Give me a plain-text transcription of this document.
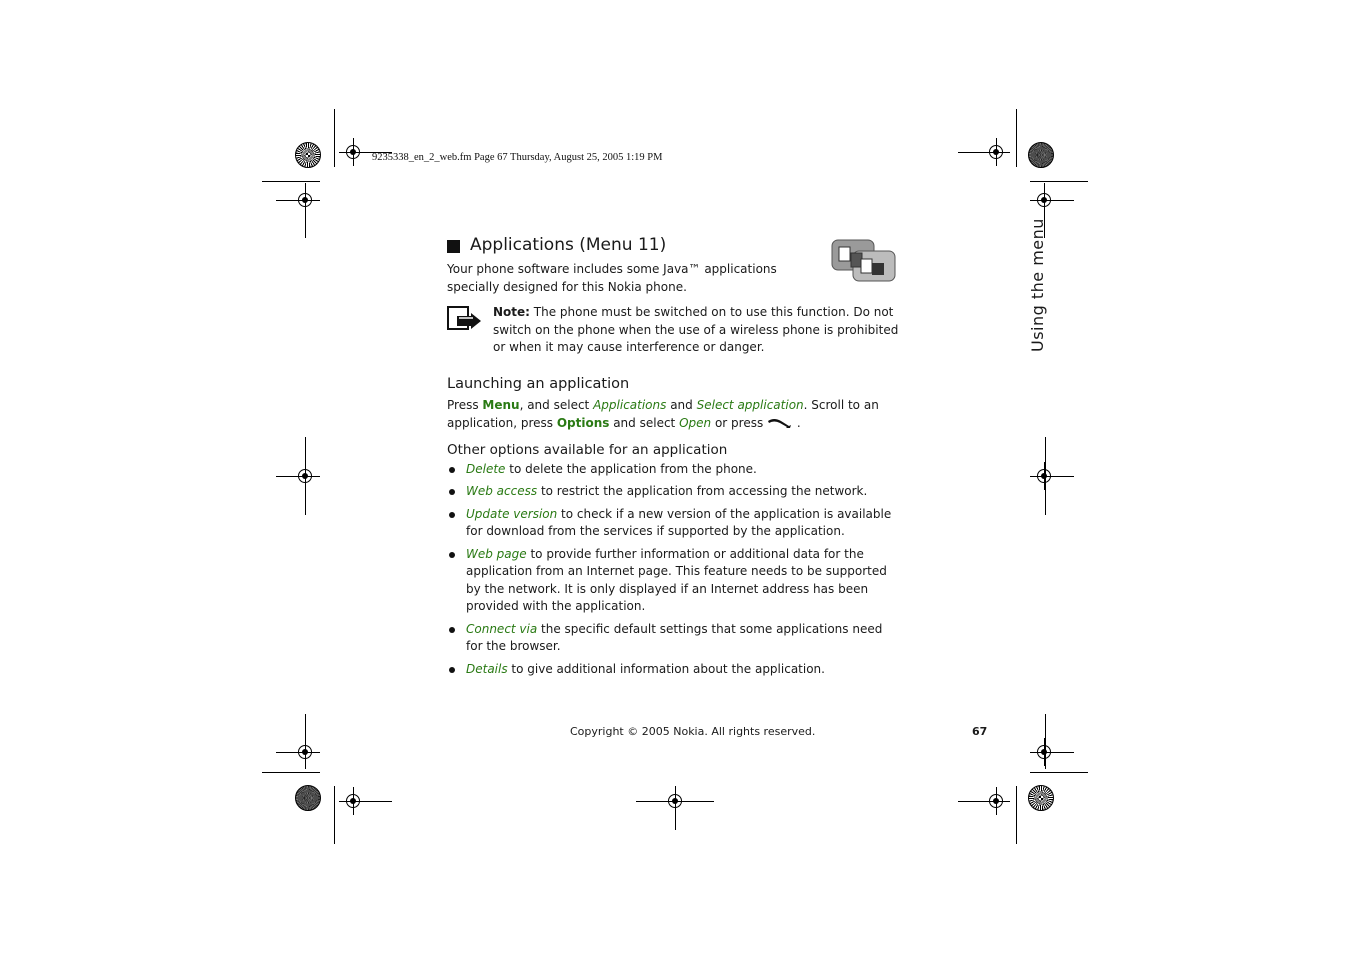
9235338_en_2_web.fm Page 67 Thursday, August 25, 2005 1:19 PM
Applications (Menu 11)
Your phone software includes some Java™ applications specially designed for this Nokia phone.
Note: The phone must be switched on to use this function. Do not switch on the phone when the use of a wireless phone is prohibited or when it may cause interference or danger.
Launching an application
Press Menu, and select Applications and Select application. Scroll to an application, press Options and select Open or press  .
Other options available for an application
Delete to delete the application from the phone.
Web access to restrict the application from accessing the network.
Update version to check if a new version of the application is available for download from the services if supported by the application.
Web page to provide further information or additional data for the application from an Internet page. This feature needs to be supported by the network. It is only displayed if an Internet address has been provided with the application.
Connect via the specific default settings that some applications need for the browser.
Details to give additional information about the application.
Using the menu
Copyright © 2005 Nokia. All rights reserved.	67
